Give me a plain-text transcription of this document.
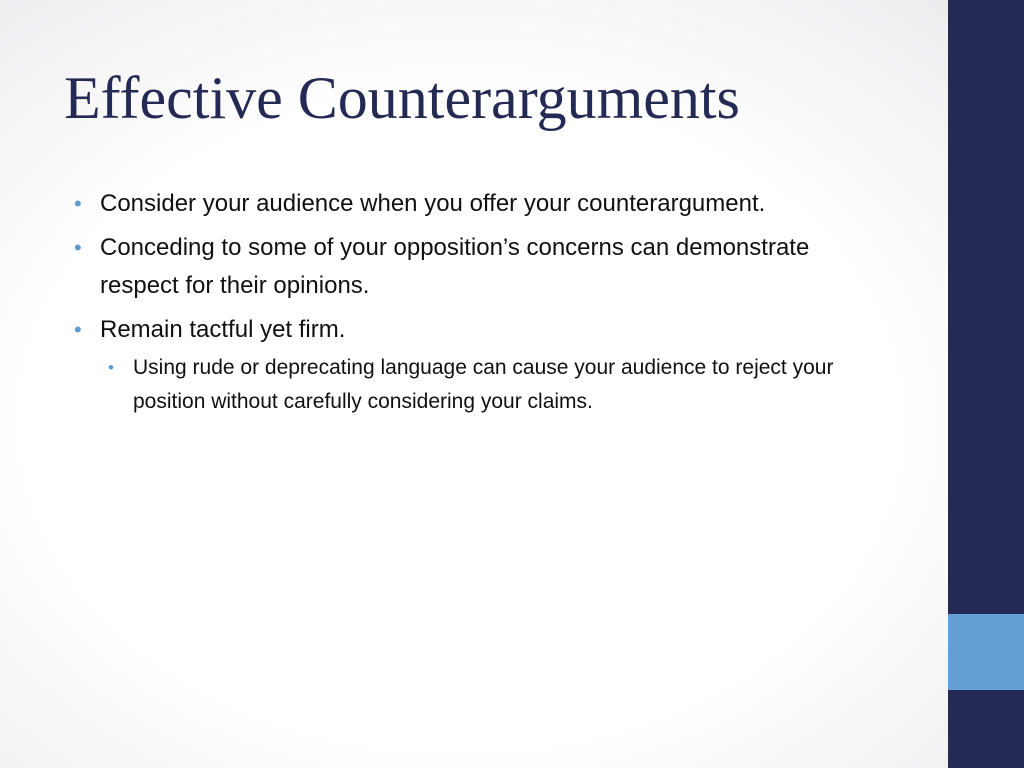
Effective Counterarguments
• Consider your audience when you offer your counterargument.
• Conceding to some of your opposition’s concerns can demonstrate respect for their opinions.
• Remain tactful yet firm.
• Using rude or deprecating language can cause your audience to reject your position without carefully considering your claims.
